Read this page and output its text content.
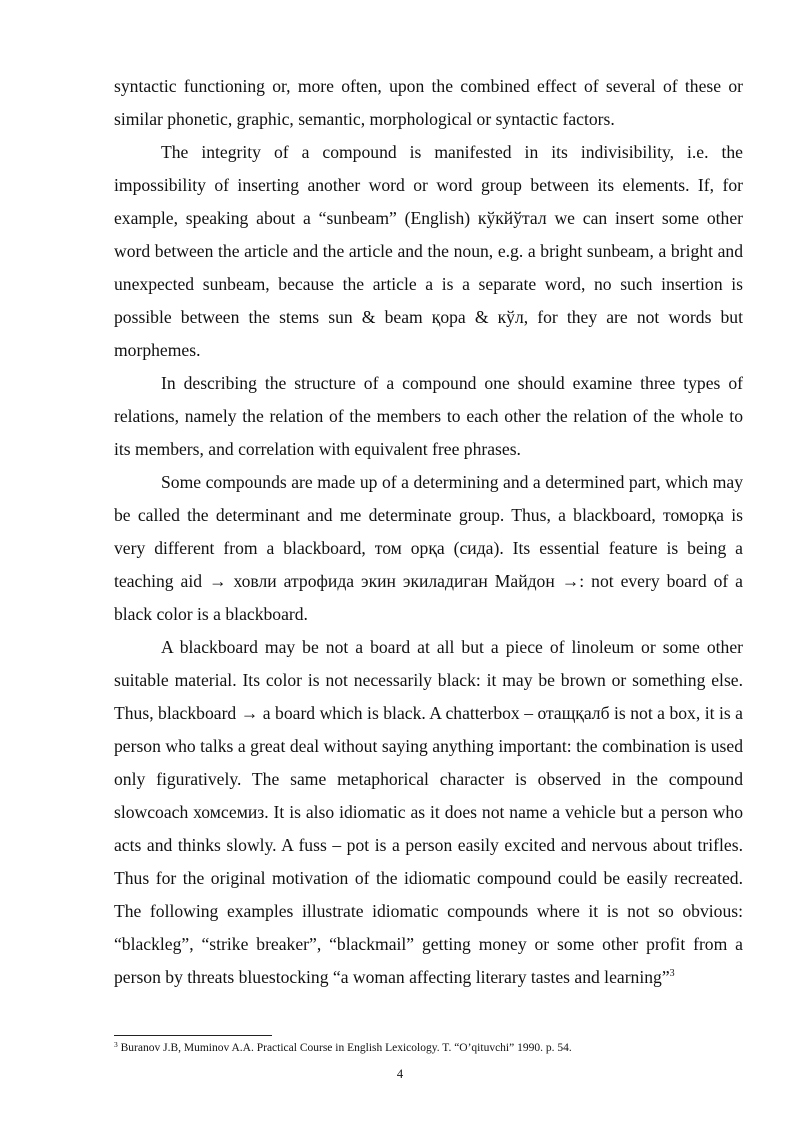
syntactic functioning or, more often, upon the combined effect of several of these or similar phonetic, graphic, semantic, morphological or syntactic factors.

The integrity of a compound is manifested in its indivisibility, i.e. the impossibility of inserting another word or word group between its elements. If, for example, speaking about a “sunbeam” (English) кўкйўтал we can insert some other word between the article and the article and the noun, e.g. a bright sunbeam, a bright and unexpected sunbeam, because the article a is a separate word, no such insertion is possible between the stems sun & beam қора & кўл, for they are not words but morphemes.

In describing the structure of a compound one should examine three types of relations, namely the relation of the members to each other the relation of the whole to its members, and correlation with equivalent free phrases.

Some compounds are made up of a determining and a determined part, which may be called the determinant and me determinate group. Thus, a blackboard, томорқа is very different from a blackboard, том орқа (сида). Its essential feature is being a teaching aid → ховли атрофида экин экиладиган Майдон →: not every board of a black color is a blackboard.

A blackboard may be not a board at all but a piece of linoleum or some other suitable material. Its color is not necessarily black: it may be brown or something else. Thus, blackboard → a board which is black. A chatterbox – отащқалб is not a box, it is a person who talks a great deal without saying anything important: the combination is used only figuratively. The same metaphorical character is observed in the compound slowcoach хомсемиз. It is also idiomatic as it does not name a vehicle but a person who acts and thinks slowly. A fuss – pot is a person easily excited and nervous about trifles. Thus for the original motivation of the idiomatic compound could be easily recreated. The following examples illustrate idiomatic compounds where it is not so obvious: “blackleg”, “strike breaker”, “blackmail” getting money or some other profit from a person by threats bluestocking “a woman affecting literary tastes and learning”$^3$

$^3$ Buranov J.B, Muminov A.A. Practical Course in English Lexicology. T. “O’qituvchi” 1990. p. 54.
4
